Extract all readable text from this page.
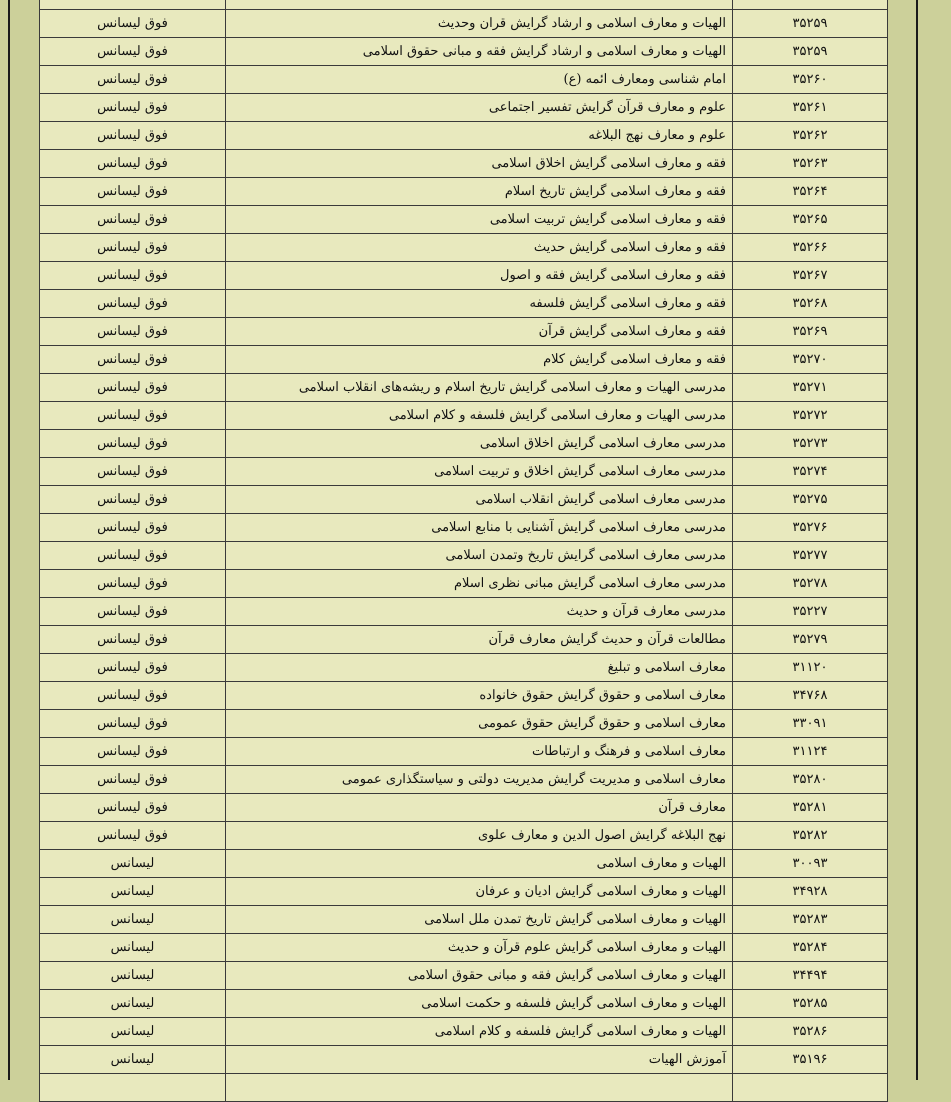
فوق لیسانس	الهیات و معارف اسلامی و ارشاد گرایش قران وحدیث	۳۵۲۵۹
فوق لیسانس	الهیات و معارف اسلامی و ارشاد گرایش فقه و مبانی حقوق اسلامی	۳۵۲۵۹
فوق لیسانس	امام شناسی ومعارف ائمه (ع)	۳۵۲۶۰
فوق لیسانس	علوم و معارف قرآن گرایش تفسیر اجتماعی	۳۵۲۶۱
فوق لیسانس	علوم و معارف نهج البلاغه	۳۵۲۶۲
فوق لیسانس	فقه و معارف اسلامی گرایش اخلاق اسلامی	۳۵۲۶۳
فوق لیسانس	فقه و معارف اسلامی گرایش تاریخ اسلام	۳۵۲۶۴
فوق لیسانس	فقه و معارف اسلامی گرایش تربیت اسلامی	۳۵۲۶۵
فوق لیسانس	فقه و معارف اسلامی گرایش حدیث	۳۵۲۶۶
فوق لیسانس	فقه و معارف اسلامی گرایش فقه و اصول	۳۵۲۶۷
فوق لیسانس	فقه و معارف اسلامی گرایش فلسفه	۳۵۲۶۸
فوق لیسانس	فقه و معارف اسلامی گرایش قرآن	۳۵۲۶۹
فوق لیسانس	فقه و معارف اسلامی گرایش کلام	۳۵۲۷۰
فوق لیسانس	مدرسی الهیات و معارف اسلامی گرایش تاریخ اسلام و ریشه‌های انقلاب اسلامی	۳۵۲۷۱
فوق لیسانس	مدرسی الهیات و معارف اسلامی گرایش فلسفه و کلام اسلامی	۳۵۲۷۲
فوق لیسانس	مدرسی معارف اسلامی گرایش اخلاق اسلامی	۳۵۲۷۳
فوق لیسانس	مدرسی معارف اسلامی گرایش اخلاق و تربیت اسلامی	۳۵۲۷۴
فوق لیسانس	مدرسی معارف اسلامی گرایش انقلاب اسلامی	۳۵۲۷۵
فوق لیسانس	مدرسی معارف اسلامی گرایش آشنایی با منابع اسلامی	۳۵۲۷۶
فوق لیسانس	مدرسی معارف اسلامی گرایش تاریخ وتمدن اسلامی	۳۵۲۷۷
فوق لیسانس	مدرسی معارف اسلامی گرایش مبانی نظری اسلام	۳۵۲۷۸
فوق لیسانس	مدرسی معارف قرآن و حدیث	۳۵۲۲۷
فوق لیسانس	مطالعات قرآن و حدیث گرایش معارف قرآن	۳۵۲۷۹
فوق لیسانس	معارف اسلامی و تبلیغ	۳۱۱۲۰
فوق لیسانس	معارف اسلامی و حقوق گرایش حقوق خانواده	۳۴۷۶۸
فوق لیسانس	معارف اسلامی و حقوق گرایش حقوق عمومی	۳۳۰۹۱
فوق لیسانس	معارف اسلامی و فرهنگ و ارتباطات	۳۱۱۲۴
فوق لیسانس	معارف اسلامی و مدیریت گرایش مدیریت دولتی و سیاستگذاری عمومی	۳۵۲۸۰
فوق لیسانس	معارف قرآن	۳۵۲۸۱
فوق لیسانس	نهج البلاغه گرایش اصول الدین و معارف علوی	۳۵۲۸۲
لیسانس	الهیات و معارف اسلامی	۳۰۰۹۳
لیسانس	الهیات و معارف اسلامی گرایش ادیان و عرفان	۳۴۹۲۸
لیسانس	الهیات و معارف اسلامی گرایش تاریخ تمدن ملل اسلامی	۳۵۲۸۳
لیسانس	الهیات و معارف اسلامی گرایش علوم قرآن و حدیث	۳۵۲۸۴
لیسانس	الهیات و معارف اسلامی گرایش فقه و مبانی حقوق اسلامی	۳۴۴۹۴
لیسانس	الهیات و معارف اسلامی گرایش فلسفه و حکمت اسلامی	۳۵۲۸۵
لیسانس	الهیات و معارف اسلامی گرایش فلسفه و کلام اسلامی	۳۵۲۸۶
لیسانس	آموزش الهیات	۳۵۱۹۶
